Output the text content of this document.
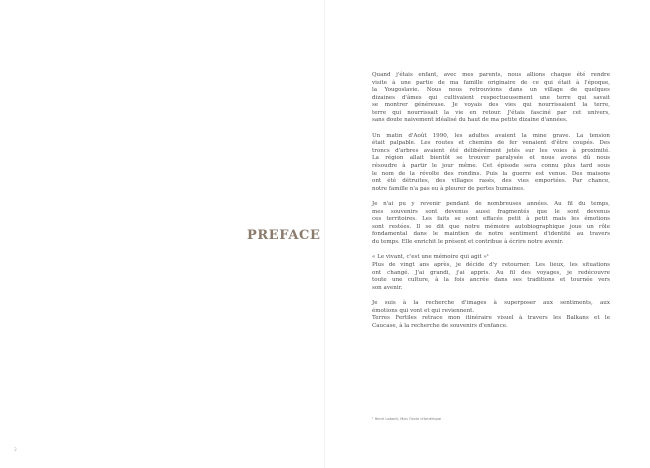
PREFACE
2

Quand j'étais enfant, avec mes parents, nous allions chaque été rendre
visite à une partie de ma famille originaire de ce qui était à l'époque,
la Yougoslavie. Nous nous retrouvions dans un village de quelques
dizaines d'âmes qui cultivaient respectueusement une terre qui savait
se montrer généreuse. Je voyais des vies qui nourrissaient la terre,
terre qui nourrissait la vie en retour. J'étais fasciné par cet univers,
sans doute naivement idéalisé du haut de ma petite dizaine d'années.

Un matin d'Août 1990, les adultes avaient la mine grave. La tension
était palpable. Les routes et chemins de fer venaient d'être coupés. Des
troncs d'arbres avaient été délibérément jetés sur les voies à proximité.
La région allait bientôt se trouver paralysée et nous avons dû nous
résoudre à partir le jour même. Cet épisode sera connu plus tard sous
le nom de la révolte des rondins. Puis la guerre est venue. Des maisons
ont été détruites, des villages rasés, des vies emportées. Par chance,
notre famille n'a pas eu à pleurer de pertes humaines.

Je n'ai pu y revenir pendant de nombreuses années. Au fil du temps,
mes souvenirs sont devenus aussi fragmentés que le sont devenus
ces territoires. Les faits se sont effacés petit à petit mais les émotions
sont restées. Il se dit que notre mémoire autobiographique joue un rôle
fondamental dans le maintien de notre sentiment d'identité au travers
du temps. Elle enrichit le présent et contribue à écrire notre avenir.

« Le vivant, c'est une mémoire qui agit »¹
Plus de vingt ans après, je décide d'y retourner. Les lieux, les situations
ont changé. J'ai grandi, j'ai appris. Au fil des voyages, je redécouvre
toute une culture, à la fois ancrée dans ses traditions et tournée vers
son avenir.

Je suis à la recherche d'images à superposer aux sentiments, aux
émotions qui vont et qui reviennent.
Terres Fertiles retrace mon itinéraire visuel à travers les Balkans et le
Caucase, à la recherche de souvenirs d'enfance.

¹ Henri Laborit, Mon Oncle d'Amérique
